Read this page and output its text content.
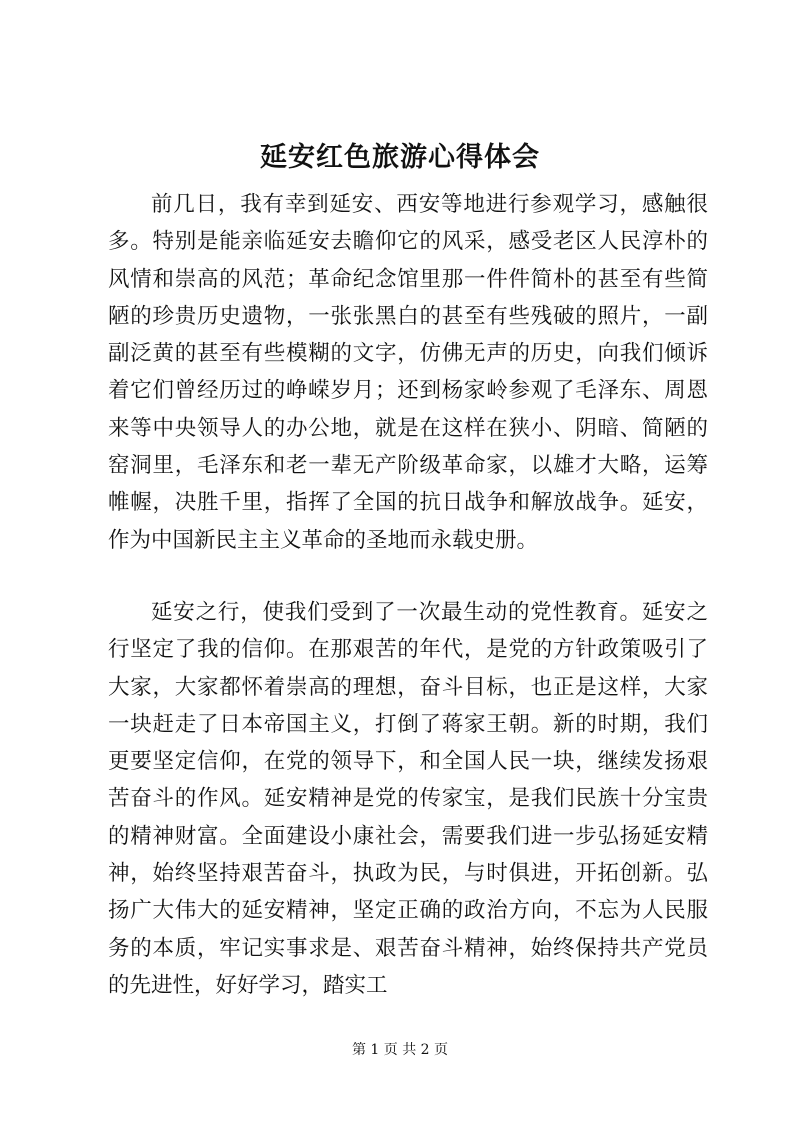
延安红色旅游心得体会

前几日，我有幸到延安、西安等地进行参观学习，感触很多。特别是能亲临延安去瞻仰它的风采，感受老区人民淳朴的风情和崇高的风范；革命纪念馆里那一件件简朴的甚至有些简陋的珍贵历史遗物，一张张黑白的甚至有些残破的照片，一副副泛黄的甚至有些模糊的文字，仿佛无声的历史，向我们倾诉着它们曾经历过的峥嵘岁月；还到杨家岭参观了毛泽东、周恩来等中央领导人的办公地，就是在这样在狭小、阴暗、简陋的窑洞里，毛泽东和老一辈无产阶级革命家，以雄才大略，运筹帷幄，决胜千里，指挥了全国的抗日战争和解放战争。延安，作为中国新民主主义革命的圣地而永载史册。

延安之行，使我们受到了一次最生动的党性教育。延安之行坚定了我的信仰。在那艰苦的年代，是党的方针政策吸引了大家，大家都怀着崇高的理想，奋斗目标，也正是这样，大家一块赶走了日本帝国主义，打倒了蒋家王朝。新的时期，我们更要坚定信仰，在党的领导下，和全国人民一块，继续发扬艰苦奋斗的作风。延安精神是党的传家宝，是我们民族十分宝贵的精神财富。全面建设小康社会，需要我们进一步弘扬延安精神，始终坚持艰苦奋斗，执政为民，与时俱进，开拓创新。弘扬广大伟大的延安精神，坚定正确的政治方向，不忘为人民服务的本质，牢记实事求是、艰苦奋斗精神，始终保持共产党员的先进性，好好学习，踏实工

第 1 页 共 2 页
